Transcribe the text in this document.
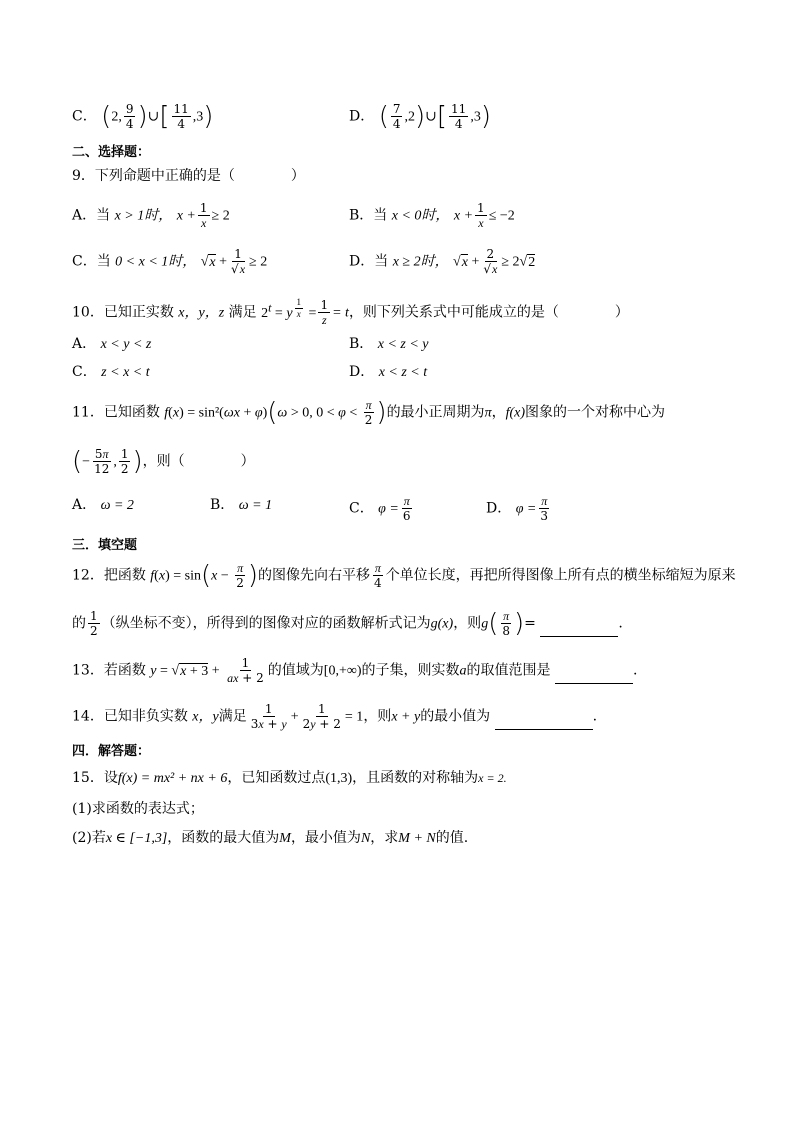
C． (2, $\frac{9}{4}$ )∪[ $\frac{11}{4} ,3$)	D． ( $\frac{7}{4}$ ,2)∪[ $\frac{11}{4} ,3$)
二、选择题：
9．下列命题中正确的是（　　　　）
A．当 x > 1时， $x + \frac{1}{x} \ge 2$	B．当 x < 0时， $x + \frac{1}{x} \le -2$
C．当 0 < x < 1时， $√x + \frac{1}{√x} \ge 2$	D．当 x ≥ 2时， $√x + \frac{2}{√x} \ge 2√2$
10．已知正实数 x，y，z 满足 $2^t = y$ $^{\frac{1}{x}} = \frac{1}{z} = t$，则下列关系式中可能成立的是（　　　　）
A． x < y < z	B． x < z < y
C． z < x < t	D． x < z < t
11．已知函数 f(x) = sin²(ωx + φ)(ω > 0, $0 < \varphi < \frac{\pi}{2}$ )的最小正周期为π，f(x)图象的一个对称中心为
(− $\frac{5\pi}{12}$ , $\frac{1}{2}$ )，则（　　　　）
A． ω = 2	B． ω = 1	C． $\varphi = \frac{\pi}{6}$	D． $\varphi = \frac{\pi}{3}$
三．填空题
12．把函数 $f(x) = \sin(x - \frac{\pi}{2}$ )的图像先向右平移 $\frac{\pi}{4}$ 个单位长度，再把所得图像上所有点的横坐标缩短为原来
的 $\frac{1}{2}$ （纵坐标不变），所得到的图像对应的函数解析式记为g(x)，则$g( \frac{\pi}{8}$ )=	.
13．若函数 $y = √x + 3 + \frac{1}{ax + 2}$ 的值域为[0,+∞)的子集，则实数a的取值范围是	.
14．已知非负实数 x，y满足 $\frac{1}{3x + y} + \frac{1}{2y + 2} = 1$，则x + y的最小值为	.
四．解答题：
15．设f(x) = mx² + nx + 6，已知函数过点(1,3)，且函数的对称轴为x = 2.
(1)求函数的表达式；
(2)若x ∈ [−1,3]，函数的最大值为M，最小值为N，求M + N的值.
